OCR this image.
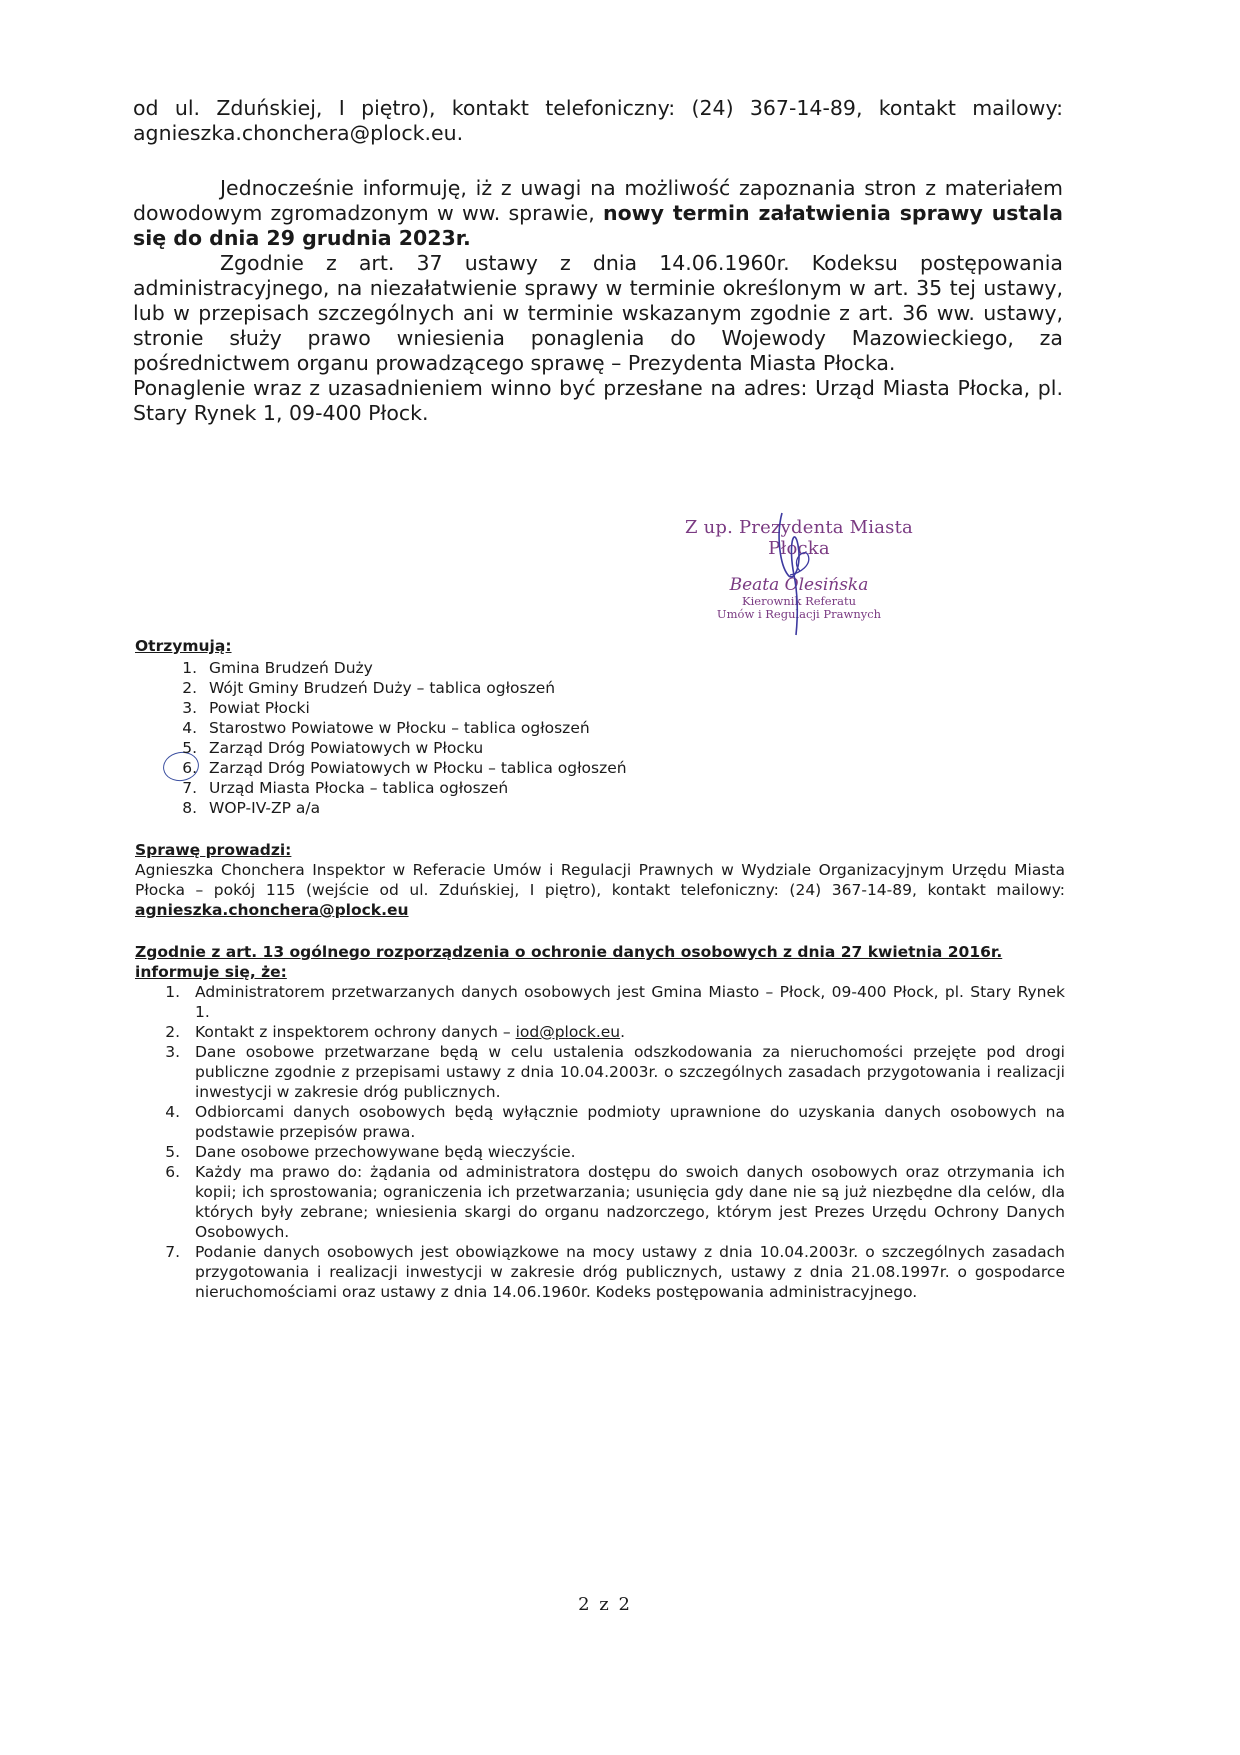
od ul. Zduńskiej, I piętro), kontakt telefoniczny: (24) 367-14-89, kontakt mailowy:

agnieszka.chonchera@plock.eu.

Jednocześnie informuję, iż z uwagi na możliwość zapoznania stron z materiałem dowodowym zgromadzonym w ww. sprawie, nowy termin załatwienia sprawy ustala się do dnia 29 grudnia 2023r.

Zgodnie z art. 37 ustawy z dnia 14.06.1960r. Kodeksu postępowania administracyjnego, na niezałatwienie sprawy w terminie określonym w art. 35 tej ustawy, lub w przepisach szczególnych ani w terminie wskazanym zgodnie z art. 36 ww. ustawy, stronie służy prawo wniesienia ponaglenia do Wojewody Mazowieckiego, za pośrednictwem organu prowadzącego sprawę – Prezydenta Miasta Płocka.

Ponaglenie wraz z uzasadnieniem winno być przesłane na adres: Urząd Miasta Płocka, pl. Stary Rynek 1, 09-400 Płock.

Z up. Prezydenta Miasta Płocka
Beata Olesińska
Kierownik Referatu
Umów i Regulacji Prawnych

Otrzymują:

1. Gmina Brudzeń Duży
2. Wójt Gminy Brudzeń Duży – tablica ogłoszeń
3. Powiat Płocki
4. Starostwo Powiatowe w Płocku – tablica ogłoszeń
5. Zarząd Dróg Powiatowych w Płocku
6. Zarząd Dróg Powiatowych w Płocku – tablica ogłoszeń
7. Urząd Miasta Płocka – tablica ogłoszeń
8. WOP-IV-ZP a/a

Sprawę prowadzi:

Agnieszka Chonchera Inspektor w Referacie Umów i Regulacji Prawnych w Wydziale Organizacyjnym Urzędu Miasta Płocka – pokój 115 (wejście od ul. Zduńskiej, I piętro), kontakt telefoniczny: (24) 367-14-89, kontakt mailowy: agnieszka.chonchera@plock.eu

Zgodnie z art. 13 ogólnego rozporządzenia o ochronie danych osobowych z dnia 27 kwietnia 2016r. informuje się, że:

1. Administratorem przetwarzanych danych osobowych jest Gmina Miasto – Płock, 09-400 Płock, pl. Stary Rynek 1.
2. Kontakt z inspektorem ochrony danych – iod@plock.eu.
3. Dane osobowe przetwarzane będą w celu ustalenia odszkodowania za nieruchomości przejęte pod drogi publiczne zgodnie z przepisami ustawy z dnia 10.04.2003r. o szczególnych zasadach przygotowania i realizacji inwestycji w zakresie dróg publicznych.
4. Odbiorcami danych osobowych będą wyłącznie podmioty uprawnione do uzyskania danych osobowych na podstawie przepisów prawa.
5. Dane osobowe przechowywane będą wieczyście.
6. Każdy ma prawo do: żądania od administratora dostępu do swoich danych osobowych oraz otrzymania ich kopii; ich sprostowania; ograniczenia ich przetwarzania; usunięcia gdy dane nie są już niezbędne dla celów, dla których były zebrane; wniesienia skargi do organu nadzorczego, którym jest Prezes Urzędu Ochrony Danych Osobowych.
7. Podanie danych osobowych jest obowiązkowe na mocy ustawy z dnia 10.04.2003r. o szczególnych zasadach przygotowania i realizacji inwestycji w zakresie dróg publicznych, ustawy z dnia 21.08.1997r. o gospodarce nieruchomościami oraz ustawy z dnia 14.06.1960r. Kodeks postępowania administracyjnego.
2 z 2
